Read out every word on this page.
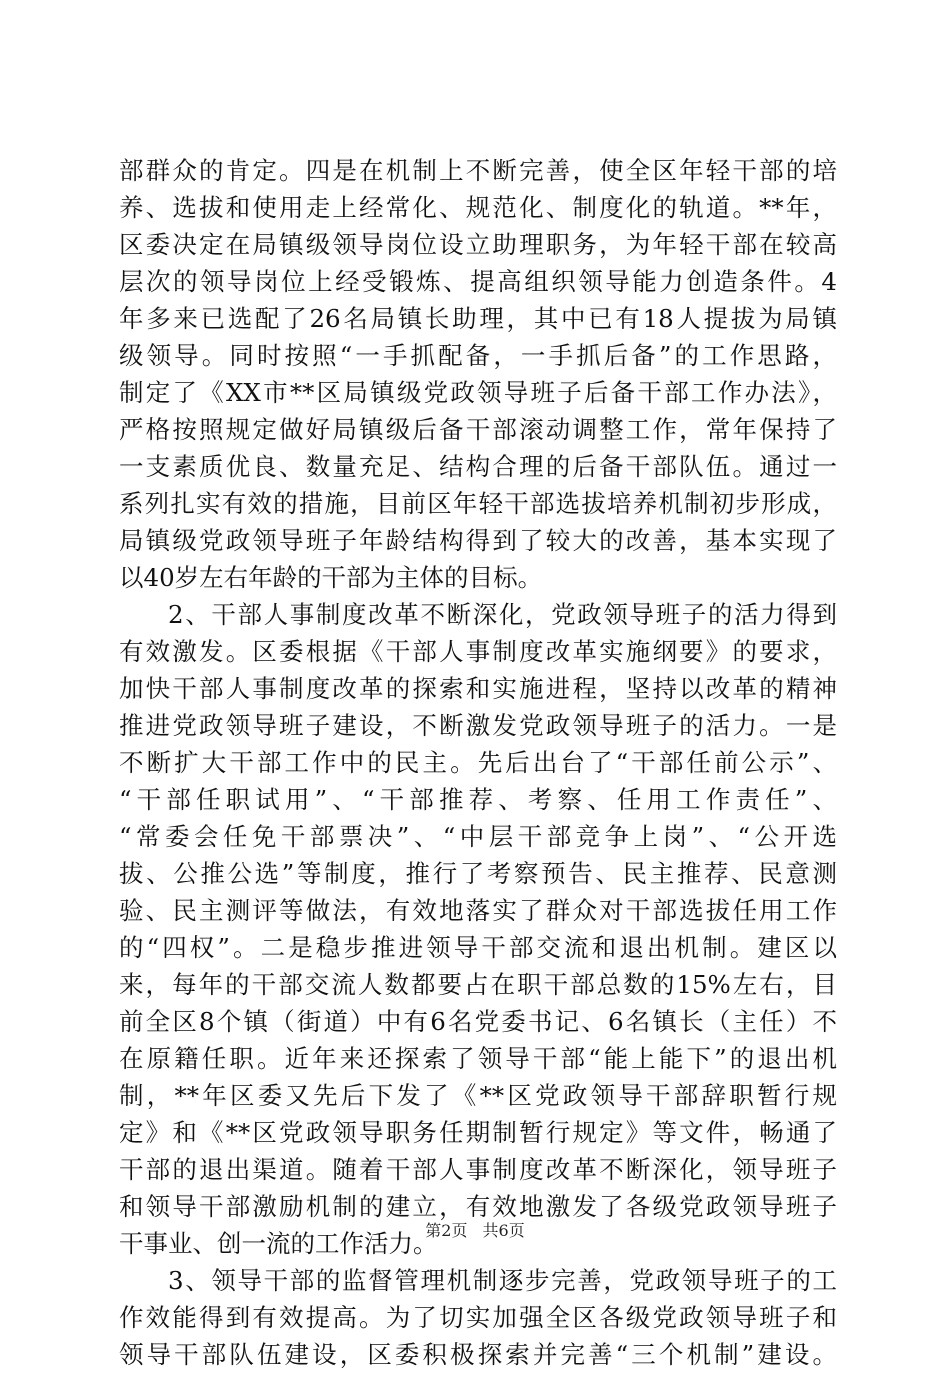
部群众的肯定。四是在机制上不断完善，使全区年轻干部的培
养、选拔和使用走上经常化、规范化、制度化的轨道。**年，
区委决定在局镇级领导岗位设立助理职务，为年轻干部在较高
层次的领导岗位上经受锻炼、提高组织领导能力创造条件。4
年多来已选配了26名局镇长助理，其中已有18人提拔为局镇
级领导。同时按照“一手抓配备，一手抓后备”的工作思路，
制定了《XX市**区局镇级党政领导班子后备干部工作办法》，
严格按照规定做好局镇级后备干部滚动调整工作，常年保持了
一支素质优良、数量充足、结构合理的后备干部队伍。通过一
系列扎实有效的措施，目前区年轻干部选拔培养机制初步形成，
局镇级党政领导班子年龄结构得到了较大的改善，基本实现了
以40岁左右年龄的干部为主体的目标。
2、干部人事制度改革不断深化，党政领导班子的活力得到
有效激发。区委根据《干部人事制度改革实施纲要》的要求，
加快干部人事制度改革的探索和实施进程，坚持以改革的精神
推进党政领导班子建设，不断激发党政领导班子的活力。一是
不断扩大干部工作中的民主。先后出台了“干部任前公示”、
“干部任职试用”、“干部推荐、考察、任用工作责任”、
“常委会任免干部票决”、“中层干部竞争上岗”、“公开选
拔、公推公选”等制度，推行了考察预告、民主推荐、民意测
验、民主测评等做法，有效地落实了群众对干部选拔任用工作
的“四权”。二是稳步推进领导干部交流和退出机制。建区以
来，每年的干部交流人数都要占在职干部总数的15%左右，目
前全区8个镇（街道）中有6名党委书记、6名镇长（主任）不
在原籍任职。近年来还探索了领导干部“能上能下”的退出机
制，**年区委又先后下发了《**区党政领导干部辞职暂行规
定》和《**区党政领导职务任期制暂行规定》等文件，畅通了
干部的退出渠道。随着干部人事制度改革不断深化，领导班子
和领导干部激励机制的建立，有效地激发了各级党政领导班子
干事业、创一流的工作活力。
3、领导干部的监督管理机制逐步完善，党政领导班子的工
作效能得到有效提高。为了切实加强全区各级党政领导班子和
领导干部队伍建设，区委积极探索并完善“三个机制”建设。
第2页 共6页
